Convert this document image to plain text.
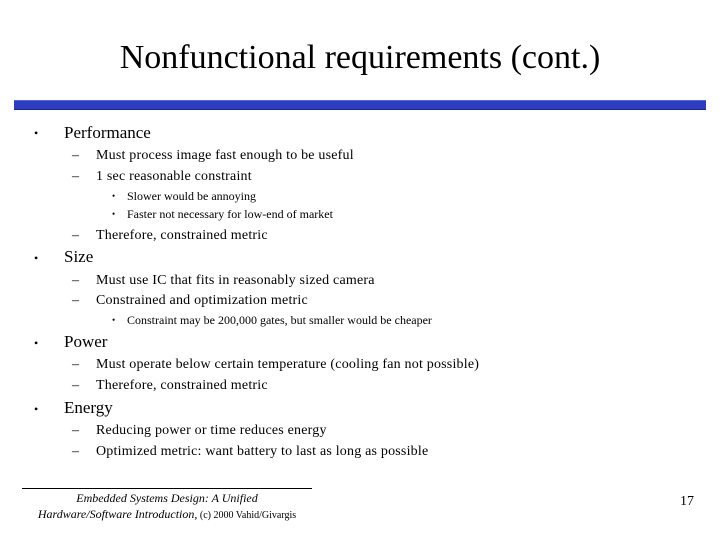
Nonfunctional requirements (cont.)
• Performance
– Must process image fast enough to be useful
– 1 sec reasonable constraint
• Slower would be annoying
• Faster not necessary for low-end of market
– Therefore, constrained metric
• Size
– Must use IC that fits in reasonably sized camera
– Constrained and optimization metric
• Constraint may be 200,000 gates, but smaller would be cheaper
• Power
– Must operate below certain temperature (cooling fan not possible)
– Therefore, constrained metric
• Energy
– Reducing power or time reduces energy
– Optimized metric: want battery to last as long as possible
Embedded Systems Design: A Unified
Hardware/Software Introduction, (c) 2000 Vahid/Givargis
17
